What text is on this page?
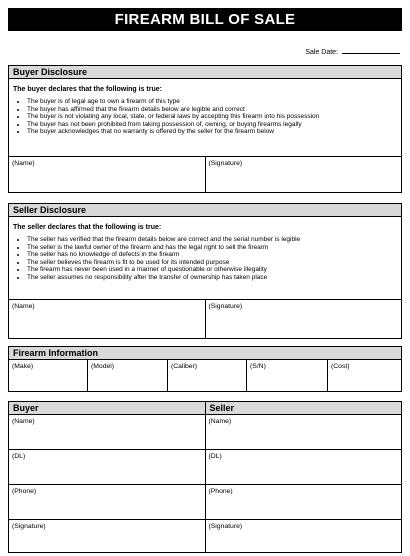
FIREARM BILL OF SALE
Sale Date:
Buyer Disclosure
The buyer declares that the following is true:
• The buyer is of legal age to own a firearm of this type
• The buyer has affirmed that the firearm details below are legible and correct
• The buyer is not violating any local, state, or federal laws by accepting this firearm into his possession
• The buyer has not been prohibited from taking possession of, owning, or buying firearms legally
• The buyer acknowledges that no warranty is offered by the seller for the firearm below
(Name)	(Signature)
Seller Disclosure
The seller declares that the following is true:
• The seller has verified that the firearm details below are correct and the serial number is legible
• The seller is the lawful owner of the firearm and has the legal right to sell the firearm
• The seller has no knowledge of defects in the firearm
• The seller believes the firearm is fit to be used for its intended purpose
• The firearm has never been used in a manner of questionable or otherwise illegality
• The seller assumes no responsibility after the transfer of ownership has taken place
(Name)	(Signature)
Firearm Information
(Make)	(Model)	(Caliber)	(S/N)	(Cost)
Buyer	Seller
(Name)	(Name)
(DL)	(DL)
(Phone)	(Phone)
(Signature)	(Signature)
